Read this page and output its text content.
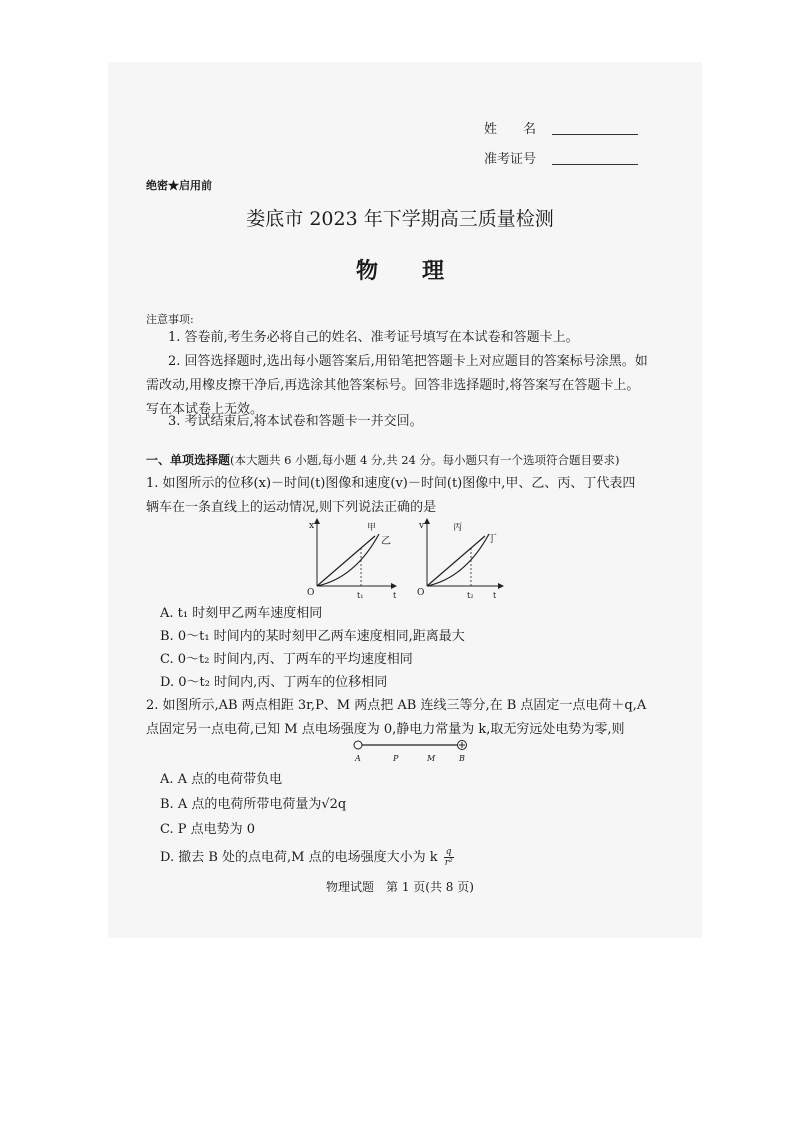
姓　　名
准考证号
绝密★启用前
娄底市 2023 年下学期高三质量检测
物　　理
注意事项:
1. 答卷前,考生务必将自己的姓名、准考证号填写在本试卷和答题卡上。
2. 回答选择题时,选出每小题答案后,用铅笔把答题卡上对应题目的答案标号涂黑。如需改动,用橡皮擦干净后,再选涂其他答案标号。回答非选择题时,将答案写在答题卡上。写在本试卷上无效。
3. 考试结束后,将本试卷和答题卡一并交回。
一、单项选择题(本大题共 6 小题,每小题 4 分,共 24 分。每小题只有一个选项符合题目要求)
1. 如图所示的位移(x)－时间(t)图像和速度(v)－时间(t)图像中,甲、乙、丙、丁代表四辆车在一条直线上的运动情况,则下列说法正确的是
x
O	t₁	t
甲
乙
v
O	t₂ t
丙
丁
A. t₁ 时刻甲乙两车速度相同
B. 0～t₁ 时间内的某时刻甲乙两车速度相同,距离最大
C. 0～t₂ 时间内,丙、丁两车的平均速度相同
D. 0～t₂ 时间内,丙、丁两车的位移相同
2. 如图所示,AB 两点相距 3r,P、M 两点把 AB 连线三等分,在 B 点固定一点电荷＋q,A 点固定另一点电荷,已知 M 点电场强度为 0,静电力常量为 k,取无穷远处电势为零,则
A	P	M	B
A. A 点的电荷带负电
B. A 点的电荷所带电荷量为√2q
C. P 点电势为 0
D. 撤去 B 处的点电荷,M 点的电场强度大小为 k $\frac{q}{\text{r²}}$
物理试题　第 1 页(共 8 页)
